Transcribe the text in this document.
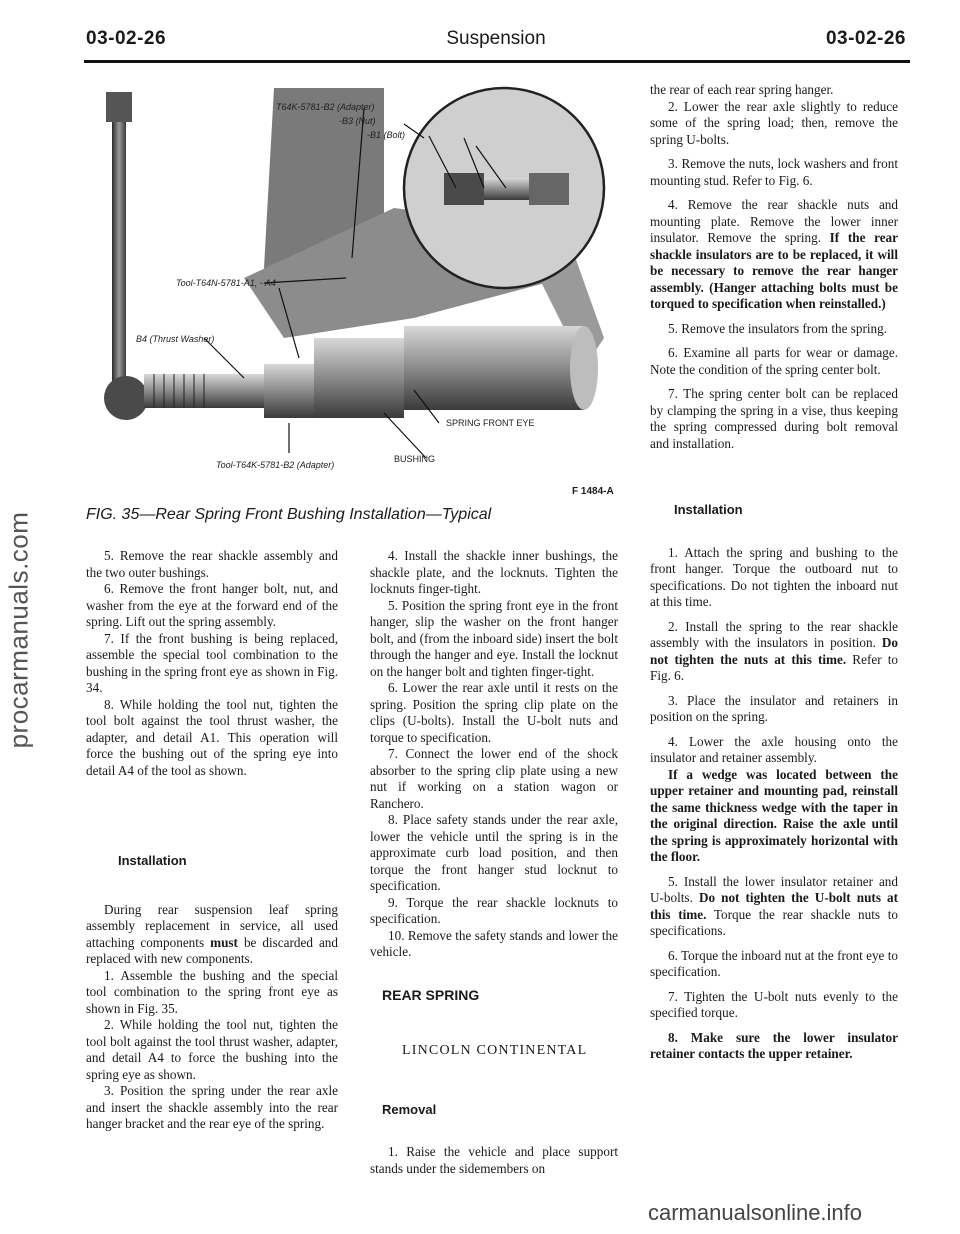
03-02-26	Suspension	03-02-26
procarmanuals.com
T64K-5781-B2 (Adapter)
-B3 (Nut)
-B1 (Bolt)
Tool-T64N-5781-A1, - A4
B4 (Thrust Washer)
SPRING FRONT EYE
Tool-T64K-5781-B2 (Adapter)
BUSHING
F 1484-A
FIG. 35—Rear Spring Front Bushing Installation—Typical

5. Remove the rear shackle assembly and the two outer bushings.

6. Remove the front hanger bolt, nut, and washer from the eye at the forward end of the spring. Lift out the spring assembly.

7. If the front bushing is being replaced, assemble the special tool combination to the bushing in the spring front eye as shown in Fig. 34.

8. While holding the tool nut, tighten the tool bolt against the tool thrust washer, the adapter, and detail A1. This operation will force the bushing out of the spring eye into detail A4 of the tool as shown.

Installation

During rear suspension leaf spring assembly replacement in service, all used attaching components must be discarded and replaced with new components.

1. Assemble the bushing and the special tool combination to the spring front eye as shown in Fig. 35.

2. While holding the tool nut, tighten the tool bolt against the tool thrust washer, adapter, and detail A4 to force the bushing into the spring eye as shown.

3. Position the spring under the rear axle and insert the shackle assembly into the rear hanger bracket and the rear eye of the spring.

4. Install the shackle inner bushings, the shackle plate, and the locknuts. Tighten the locknuts finger-tight.

5. Position the spring front eye in the front hanger, slip the washer on the front hanger bolt, and (from the inboard side) insert the bolt through the hanger and eye. Install the locknut on the hanger bolt and tighten finger-tight.

6. Lower the rear axle until it rests on the spring. Position the spring clip plate on the clips (U-bolts). Install the U-bolt nuts and torque to specification.

7. Connect the lower end of the shock absorber to the spring clip plate using a new nut if working on a station wagon or Ranchero.

8. Place safety stands under the rear axle, lower the vehicle until the spring is in the approximate curb load position, and then torque the front hanger stud locknut to specification.

9. Torque the rear shackle locknuts to specification.

10. Remove the safety stands and lower the vehicle.

REAR SPRING

LINCOLN CONTINENTAL

Removal

1. Raise the vehicle and place support stands under the sidemembers on

the rear of each rear spring hanger.

2. Lower the rear axle slightly to reduce some of the spring load; then, remove the spring U-bolts.

3. Remove the nuts, lock washers and front mounting stud. Refer to Fig. 6.

4. Remove the rear shackle nuts and mounting plate. Remove the lower inner insulator. Remove the spring. If the rear shackle insulators are to be replaced, it will be necessary to remove the rear hanger assembly. (Hanger attaching bolts must be torqued to specification when reinstalled.)

5. Remove the insulators from the spring.

6. Examine all parts for wear or damage. Note the condition of the spring center bolt.

7. The spring center bolt can be replaced by clamping the spring in a vise, thus keeping the spring compressed during bolt removal and installation.

Installation

1. Attach the spring and bushing to the front hanger. Torque the outboard nut to specifications. Do not tighten the inboard nut at this time.

2. Install the spring to the rear shackle assembly with the insulators in position. Do not tighten the nuts at this time. Refer to Fig. 6.

3. Place the insulator and retainers in position on the spring.

4. Lower the axle housing onto the insulator and retainer assembly.

If a wedge was located between the upper retainer and mounting pad, reinstall the same thickness wedge with the taper in the original direction. Raise the axle until the spring is approximately horizontal with the floor.

5. Install the lower insulator retainer and U-bolts. Do not tighten the U-bolt nuts at this time. Torque the rear shackle nuts to specifications.

6. Torque the inboard nut at the front eye to specification.

7. Tighten the U-bolt nuts evenly to the specified torque.

8. Make sure the lower insulator retainer contacts the upper retainer.

carmanualsonline.info
